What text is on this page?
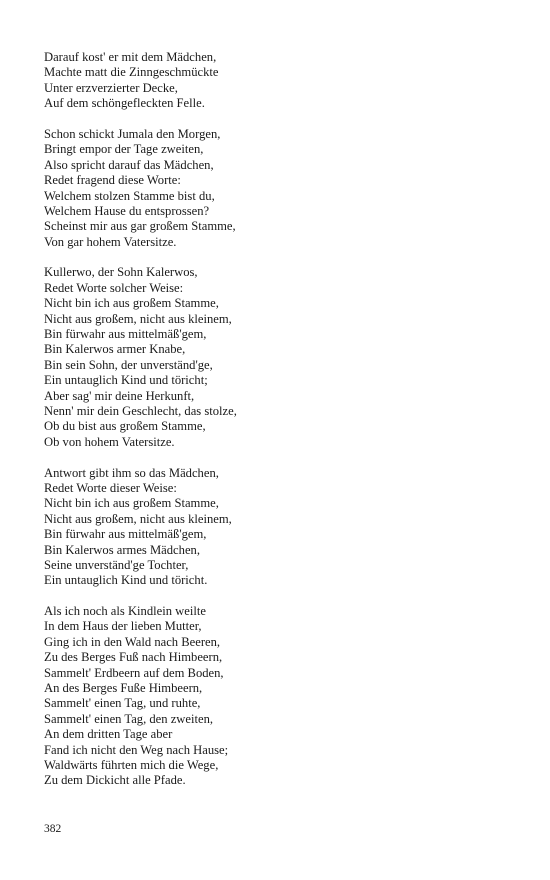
Darauf kost' er mit dem Mädchen,
Machte matt die Zinngeschmückte
Unter erzverzierter Decke,
Auf dem schöngefleckten Felle.
Schon schickt Jumala den Morgen,
Bringt empor der Tage zweiten,
Also spricht darauf das Mädchen,
Redet fragend diese Worte:
Welchem stolzen Stamme bist du,
Welchem Hause du entsprossen?
Scheinst mir aus gar großem Stamme,
Von gar hohem Vatersitze.
Kullerwo, der Sohn Kalerwos,
Redet Worte solcher Weise:
Nicht bin ich aus großem Stamme,
Nicht aus großem, nicht aus kleinem,
Bin fürwahr aus mittelmäß'gem,
Bin Kalerwos armer Knabe,
Bin sein Sohn, der unverständ'ge,
Ein untauglich Kind und töricht;
Aber sag' mir deine Herkunft,
Nenn' mir dein Geschlecht, das stolze,
Ob du bist aus großem Stamme,
Ob von hohem Vatersitze.
Antwort gibt ihm so das Mädchen,
Redet Worte dieser Weise:
Nicht bin ich aus großem Stamme,
Nicht aus großem, nicht aus kleinem,
Bin fürwahr aus mittelmäß'gem,
Bin Kalerwos armes Mädchen,
Seine unverständ'ge Tochter,
Ein untauglich Kind und töricht.
Als ich noch als Kindlein weilte
In dem Haus der lieben Mutter,
Ging ich in den Wald nach Beeren,
Zu des Berges Fuß nach Himbeern,
Sammelt' Erdbeern auf dem Boden,
An des Berges Fuße Himbeern,
Sammelt' einen Tag, und ruhte,
Sammelt' einen Tag, den zweiten,
An dem dritten Tage aber
Fand ich nicht den Weg nach Hause;
Waldwärts führten mich die Wege,
Zu dem Dickicht alle Pfade.
382
